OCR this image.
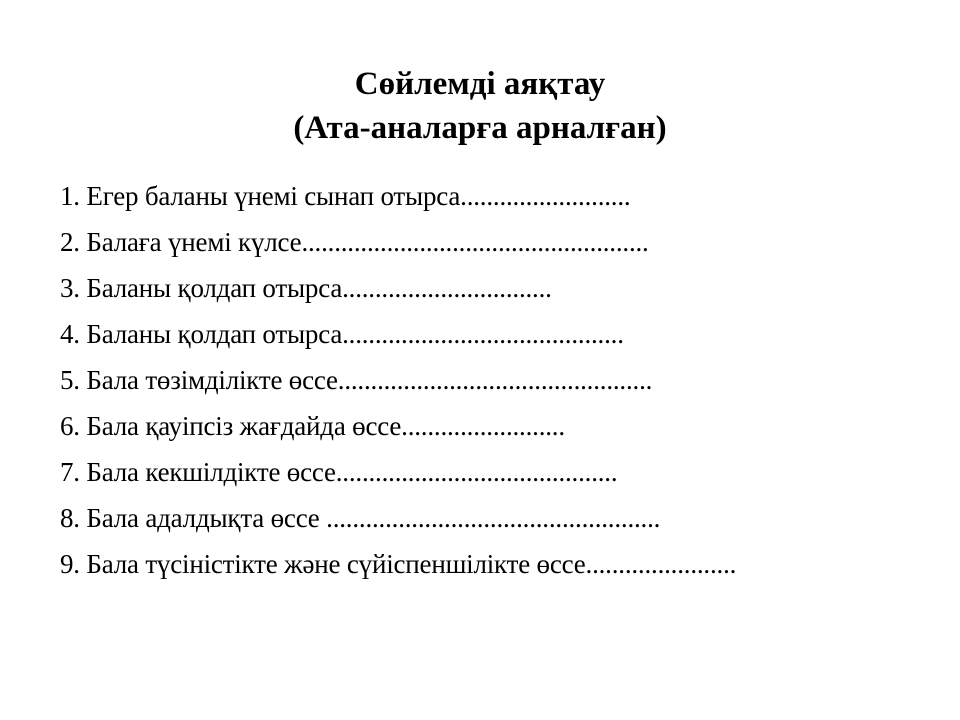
Сөйлемді аяқтау
(Ата-аналарға арналған)
1. Егер баланы үнемі сынап отырса..........................
2. Балаға үнемі күлсе.....................................................
3. Баланы қолдап отырса................................
4. Баланы қолдап отырса...........................................
5. Бала төзімділікте өссе................................................
6. Бала қауіпсіз жағдайда өссе.........................
7. Бала кекшілдікте өссе...........................................
8. Бала адалдықта өссе ...................................................
9. Бала түсіністікте және сүйіспеншілікте өссе.......................
